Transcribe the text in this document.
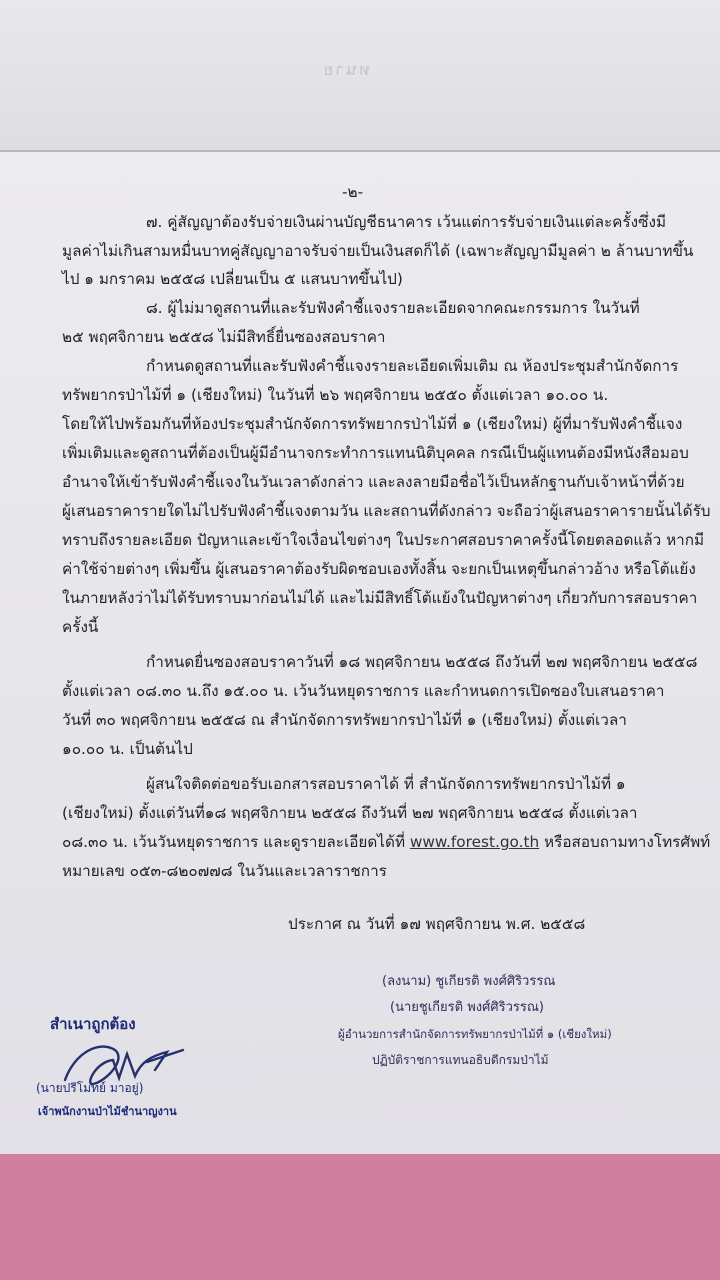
ทนาย
-๒-
๗. คู่สัญญาต้องรับจ่ายเงินผ่านบัญชีธนาคาร เว้นแต่การรับจ่ายเงินแต่ละครั้งซึ่งมี
มูลค่าไม่เกินสามหมื่นบาทคู่สัญญาอาจรับจ่ายเป็นเงินสดก็ได้ (เฉพาะสัญญามีมูลค่า ๒ ล้านบาทขึ้น
ไป ๑ มกราคม ๒๕๕๘ เปลี่ยนเป็น ๕ แสนบาทขึ้นไป)
๘. ผู้ไม่มาดูสถานที่และรับฟังคำชี้แจงรายละเอียดจากคณะกรรมการ ในวันที่
๒๕ พฤศจิกายน ๒๕๕๘ ไม่มีสิทธิ์ยื่นซองสอบราคา
กำหนดดูสถานที่และรับฟังคำชี้แจงรายละเอียดเพิ่มเติม ณ ห้องประชุมสำนักจัดการ
ทรัพยากรป่าไม้ที่ ๑ (เชียงใหม่) ในวันที่ ๒๖ พฤศจิกายน ๒๕๕๐ ตั้งแต่เวลา ๑๐.๐๐ น.
โดยให้ไปพร้อมกันที่ห้องประชุมสำนักจัดการทรัพยากรป่าไม้ที่ ๑ (เชียงใหม่) ผู้ที่มารับฟังคำชี้แจง
เพิ่มเติมและดูสถานที่ต้องเป็นผู้มีอำนาจกระทำการแทนนิติบุคคล กรณีเป็นผู้แทนต้องมีหนังสือมอบ
อำนาจให้เข้ารับฟังคำชี้แจงในวันเวลาดังกล่าว และลงลายมือชื่อไว้เป็นหลักฐานกับเจ้าหน้าที่ด้วย
ผู้เสนอราคารายใดไม่ไปรับฟังคำชี้แจงตามวัน และสถานที่ดังกล่าว จะถือว่าผู้เสนอราคารายนั้นได้รับ
ทราบถึงรายละเอียด ปัญหาและเข้าใจเงื่อนไขต่างๆ ในประกาศสอบราคาครั้งนี้โดยตลอดแล้ว หากมี
ค่าใช้จ่ายต่างๆ เพิ่มขึ้น ผู้เสนอราคาต้องรับผิดชอบเองทั้งสิ้น จะยกเป็นเหตุขึ้นกล่าวอ้าง หรือโต้แย้ง
ในภายหลังว่าไม่ได้รับทราบมาก่อนไม่ได้ และไม่มีสิทธิ์โต้แย้งในปัญหาต่างๆ เกี่ยวกับการสอบราคา
ครั้งนี้
กำหนดยื่นซองสอบราคาวันที่ ๑๘ พฤศจิกายน ๒๕๕๘ ถึงวันที่ ๒๗ พฤศจิกายน ๒๕๕๘
ตั้งแต่เวลา ๐๘.๓๐ น.ถึง ๑๕.๐๐ น. เว้นวันหยุดราชการ และกำหนดการเปิดซองใบเสนอราคา
วันที่ ๓๐ พฤศจิกายน ๒๕๕๘ ณ สำนักจัดการทรัพยากรป่าไม้ที่ ๑ (เชียงใหม่) ตั้งแต่เวลา
๑๐.๐๐ น. เป็นต้นไป
ผู้สนใจติดต่อขอรับเอกสารสอบราคาได้ ที่ สำนักจัดการทรัพยากรป่าไม้ที่ ๑
(เชียงใหม่) ตั้งแต่วันที่๑๘ พฤศจิกายน ๒๕๕๘ ถึงวันที่ ๒๗ พฤศจิกายน ๒๕๕๘ ตั้งแต่เวลา
๐๘.๓๐ น. เว้นวันหยุดราชการ และดูรายละเอียดได้ที่ www.forest.go.th หรือสอบถามทางโทรศัพท์
หมายเลข ๐๕๓-๘๒๐๗๗๘ ในวันและเวลาราชการ
ประกาศ ณ วันที่ ๑๗ พฤศจิกายน พ.ศ. ๒๕๕๘
(ลงนาม) ชูเกียรติ พงศ์ศิริวรรณ
(นายชูเกียรติ พงศ์ศิริวรรณ)
ผู้อำนวยการสำนักจัดการทรัพยากรป่าไม้ที่ ๑ (เชียงใหม่)
ปฏิบัติราชการแทนอธิบดีกรมป่าไม้
สำเนาถูกต้อง
(นายปรีโมทย์ มาอยู่)
เจ้าพนักงานป่าไม้ชำนาญงาน
